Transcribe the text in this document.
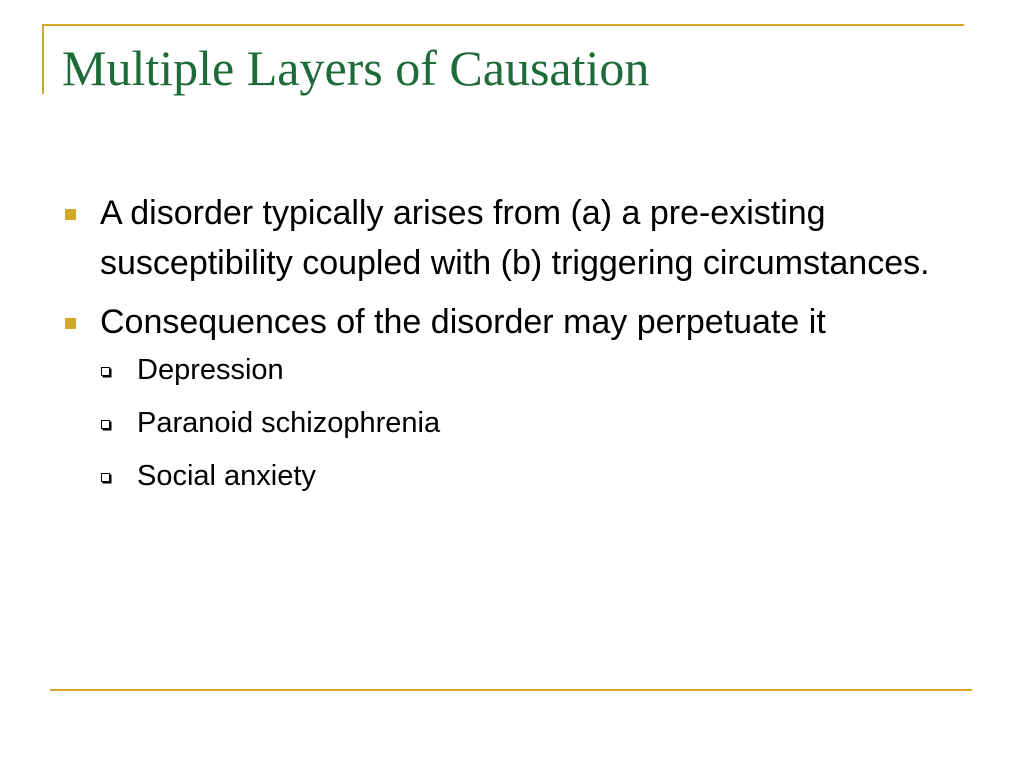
Multiple Layers of Causation
A disorder typically arises from (a) a pre-existing susceptibility coupled with (b) triggering circumstances.
Consequences of the disorder may perpetuate it
Depression
Paranoid schizophrenia
Social anxiety
